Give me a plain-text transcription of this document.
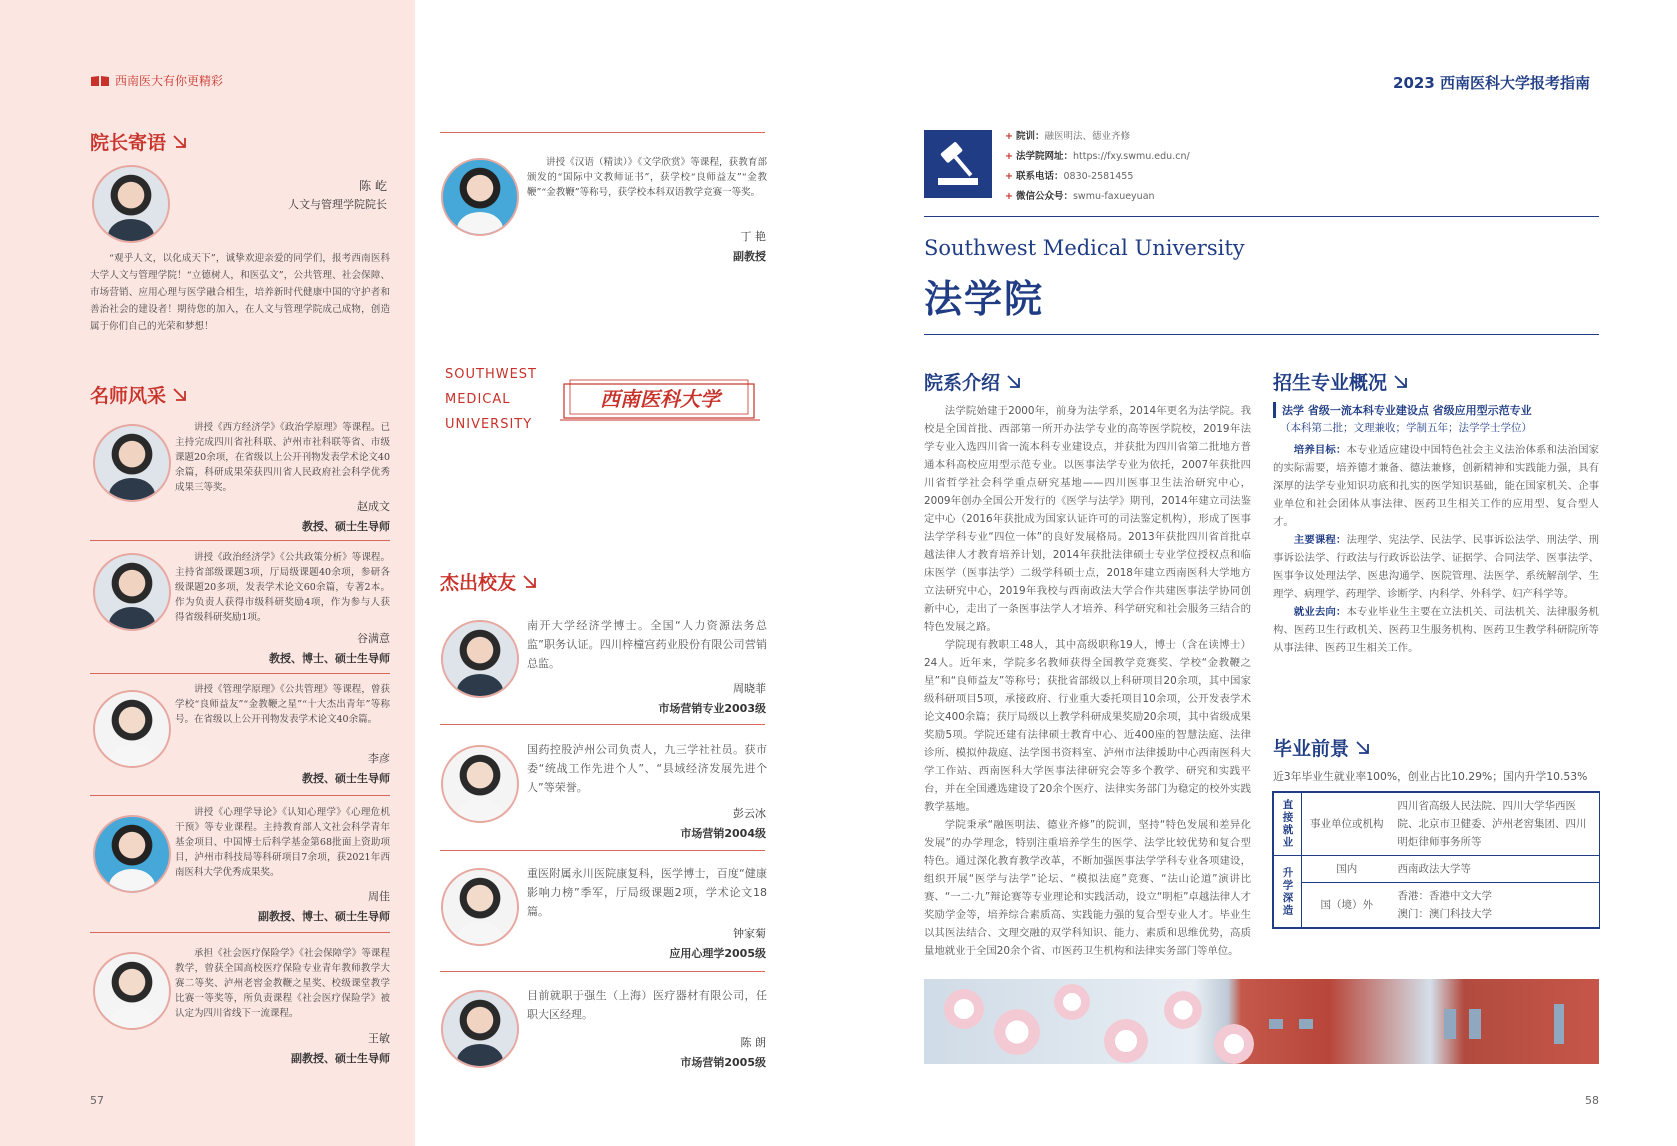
西南医大有你更精彩	2023 西南医科大学报考指南
院长寄语
陈 屹
人文与管理学院院长
“观乎人文，以化成天下”，诚挚欢迎亲爱的同学们，报考西南医科大学人文与管理学院！“立德树人，和医弘文”，公共管理、社会保障、市场营销、应用心理与医学融合相生，培养新时代健康中国的守护者和善治社会的建设者！期待您的加入，在人文与管理学院成己成物，创造属于你们自己的光荣和梦想！
名师风采
讲授《西方经济学》《政治学原理》等课程。已主持完成四川省社科联、泸州市社科联等省、市级课题20余项，在省级以上公开刊物发表学术论文40余篇，科研成果荣获四川省人民政府社会科学优秀成果三等奖。
赵成文
教授、硕士生导师
讲授《政治经济学》《公共政策分析》等课程。主持省部级课题3项，厅局级课题40余项，参研各级课题20多项，发表学术论文60余篇，专著2本。作为负责人获得市级科研奖励4项，作为参与人获得省级科研奖励1项。
谷满意
教授、博士、硕士生导师
讲授《管理学原理》《公共管理》等课程，曾获学校“良师益友”“金教鞭之星”“十大杰出青年”等称号。在省级以上公开刊物发表学术论文40余篇。
李彦
教授、硕士生导师
讲授《心理学导论》《认知心理学》《心理危机干预》等专业课程。主持教育部人文社会科学青年基金项目、中国博士后科学基金第68批面上资助项目，泸州市科技局等科研项目7余项，获2021年西南医科大学优秀成果奖。
周佳
副教授、博士、硕士生导师
承担《社会医疗保险学》《社会保障学》等课程教学，曾获全国高校医疗保险专业青年教师教学大赛二等奖、泸州老窖金教鞭之星奖、校级课堂教学比赛一等奖等，所负责课程《社会医疗保险学》被认定为四川省线下一流课程。
王敏
副教授、硕士生导师
讲授《汉语（精读）》《文学欣赏》等课程，获教育部颁发的“国际中文教师证书”，获学校“良师益友”“金教鞭”“金教鞭”等称号，获学校本科双语教学竞赛一等奖。
丁 艳
副教授
SOUTHWEST
MEDICAL
UNIVERSITY
西南医科大学
杰出校友
南开大学经济学博士。全国“人力资源法务总监”职务认证。四川梓橦宫药业股份有限公司营销总监。
周晓菲
市场营销专业2003级
国药控股泸州公司负责人，九三学社社员。获市委“统战工作先进个人”、“县域经济发展先进个人”等荣誉。
彭云冰
市场营销2004级
重医附属永川医院康复科，医学博士，百度“健康影响力榜”季军，厅局级课题2项，学术论文18篇。
钟家菊
应用心理学2005级
目前就职于强生（上海）医疗器材有限公司，任职大区经理。
陈 朗
市场营销2005级
+ 院训：融医明法、德业齐修
+ 法学院网址：https://fxy.swmu.edu.cn/
+ 联系电话：0830-2581455
+ 微信公众号：swmu-faxueyuan
Southwest Medical University
法学院
院系介绍

法学院始建于2000年，前身为法学系，2014年更名为法学院。我校是全国首批、西部第一所开办法学专业的高等医学院校，2019年法学专业入选四川省一流本科专业建设点，并获批为四川省第二批地方普通本科高校应用型示范专业。以医事法学专业为依托，2007年获批四川省哲学社会科学重点研究基地——四川医事卫生法治研究中心，2009年创办全国公开发行的《医学与法学》期刊，2014年建立司法鉴定中心（2016年获批成为国家认证许可的司法鉴定机构），形成了医事法学学科专业“四位一体”的良好发展格局。2013年获批四川省首批卓越法律人才教育培养计划，2014年获批法律硕士专业学位授权点和临床医学（医事法学）二级学科硕士点，2018年建立西南医科大学地方立法研究中心，2019年我校与西南政法大学合作共建医事法学协同创新中心，走出了一条医事法学人才培养、科学研究和社会服务三结合的特色发展之路。

学院现有教职工48人，其中高级职称19人，博士（含在读博士）24人。近年来，学院多名教师获得全国教学竞赛奖、学校“金教鞭之星”和“良师益友”等称号；获批省部级以上科研项目20余项，其中国家级科研项目5项，承接政府、行业重大委托项目10余项，公开发表学术论文400余篇；获厅局级以上教学科研成果奖励20余项，其中省级成果奖励5项。学院还建有法律硕士教育中心、近400座的智慧法庭、法律诊所、模拟仲裁庭、法学图书资料室、泸州市法律援助中心西南医科大学工作站、西南医科大学医事法律研究会等多个教学、研究和实践平台，并在全国遴选建设了20余个医疗、法律实务部门为稳定的校外实践教学基地。

学院秉承“融医明法、德业齐修”的院训，坚持“特色发展和差异化发展”的办学理念，特别注重培养学生的医学、法学比较优势和复合型特色。通过深化教育教学改革，不断加强医事法学学科专业各项建设，组织开展“医学与法学”论坛、“模拟法庭”竞赛、“法山论道”演讲比赛、“一二·九”辩论赛等专业理论和实践活动，设立“明柜”卓越法律人才奖励学金等，培养综合素质高、实践能力强的复合型专业人才。毕业生以其医法结合、文理交融的双学科知识、能力、素质和思维优势，高质量地就业于全国20余个省、市医药卫生机构和法律实务部门等单位。

招生专业概况
法学 省级一流本科专业建设点 省级应用型示范专业
（本科第二批；文理兼收；学制五年；法学学士学位）

培养目标：本专业适应建设中国特色社会主义法治体系和法治国家的实际需要，培养德才兼备、德法兼修，创新精神和实践能力强，具有深厚的法学专业知识功底和扎实的医学知识基础，能在国家机关、企事业单位和社会团体从事法律、医药卫生相关工作的应用型、复合型人才。

主要课程：法理学、宪法学、民法学、民事诉讼法学、刑法学、刑事诉讼法学、行政法与行政诉讼法学、证据学、合同法学、医事法学、医事争议处理法学、医患沟通学、医院管理、法医学、系统解剖学、生理学、病理学、药理学、诊断学、内科学、外科学、妇产科学等。

就业去向：本专业毕业生主要在立法机关、司法机关、法律服务机构、医药卫生行政机关、医药卫生服务机构、医药卫生教学科研院所等从事法律、医药卫生相关工作。

毕业前景
近3年毕业生就业率100%，创业占比10.29%；国内升学10.53%
直接就业	事业单位或机构	四川省高级人民法院、四川大学华西医院、北京市卫健委、泸州老窖集团、四川明炬律师事务所等
升学深造	国内	西南政法大学等
	国（境）外	香港：香港中文大学
澳门：澳门科技大学
57	58
